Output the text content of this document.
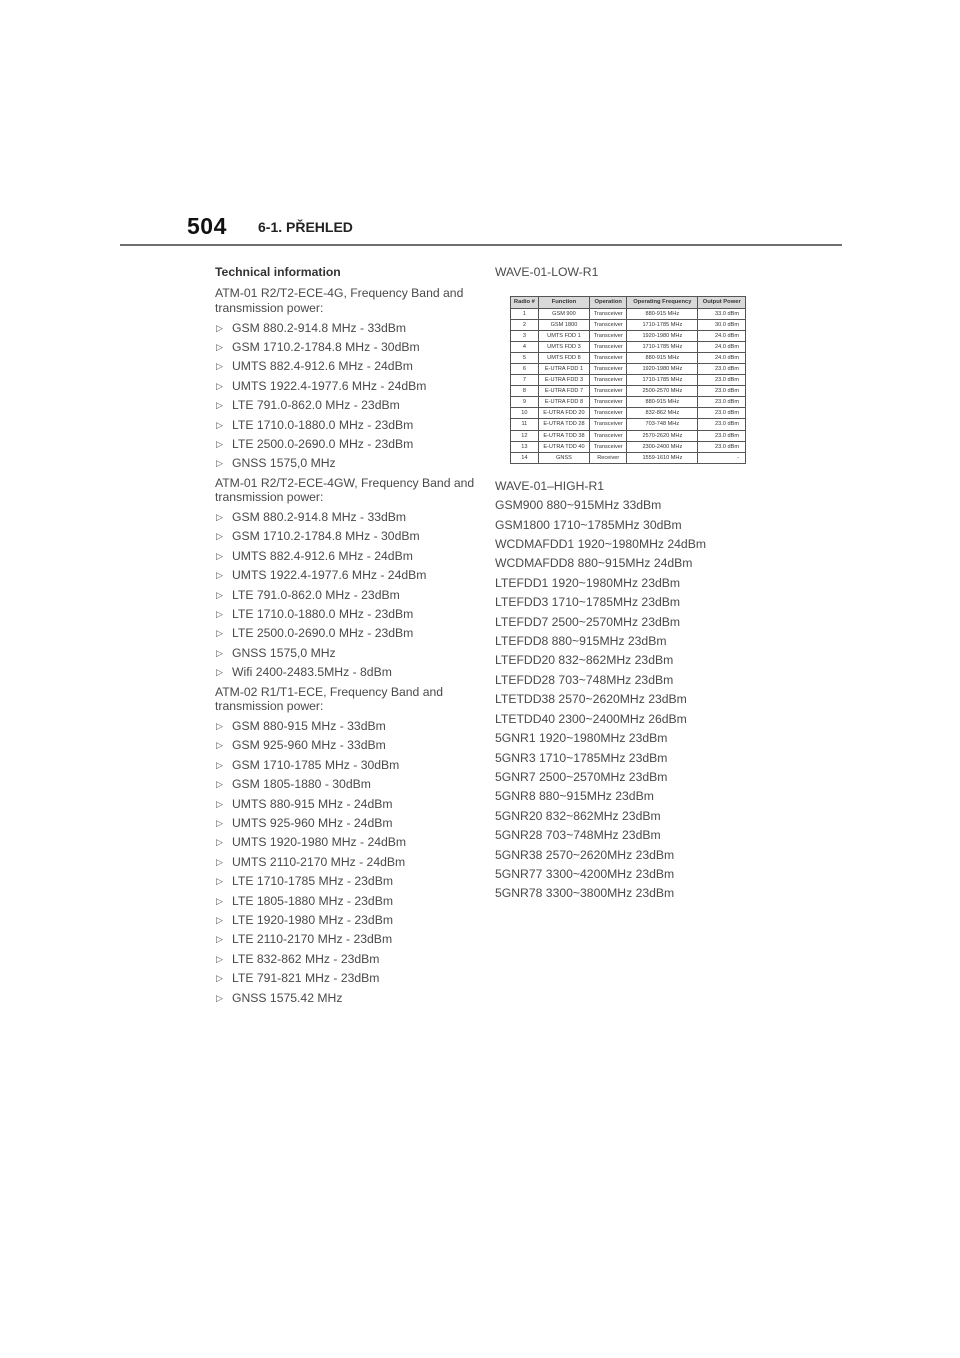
504 6-1. PŘEHLED
Technical information
ATM-01 R2/T2-ECE-4G, Frequency Band and transmission power:
▷ GSM 880.2-914.8 MHz - 33dBm
▷ GSM 1710.2-1784.8 MHz - 30dBm
▷ UMTS 882.4-912.6 MHz - 24dBm
▷ UMTS 1922.4-1977.6 MHz - 24dBm
▷ LTE 791.0-862.0 MHz - 23dBm
▷ LTE 1710.0-1880.0 MHz - 23dBm
▷ LTE 2500.0-2690.0 MHz - 23dBm
▷ GNSS 1575,0 MHz
ATM-01 R2/T2-ECE-4GW, Frequency Band and transmission power:
▷ GSM 880.2-914.8 MHz - 33dBm
▷ GSM 1710.2-1784.8 MHz - 30dBm
▷ UMTS 882.4-912.6 MHz - 24dBm
▷ UMTS 1922.4-1977.6 MHz - 24dBm
▷ LTE 791.0-862.0 MHz - 23dBm
▷ LTE 1710.0-1880.0 MHz - 23dBm
▷ LTE 2500.0-2690.0 MHz - 23dBm
▷ GNSS 1575,0 MHz
▷ Wifi 2400-2483.5MHz - 8dBm
ATM-02 R1/T1-ECE, Frequency Band and transmission power:
▷ GSM 880-915 MHz - 33dBm
▷ GSM 925-960 MHz - 33dBm
▷ GSM 1710-1785 MHz - 30dBm
▷ GSM 1805-1880 - 30dBm
▷ UMTS 880-915 MHz - 24dBm
▷ UMTS 925-960 MHz - 24dBm
▷ UMTS 1920-1980 MHz - 24dBm
▷ UMTS 2110-2170 MHz - 24dBm
▷ LTE 1710-1785 MHz - 23dBm
▷ LTE 1805-1880 MHz - 23dBm
▷ LTE 1920-1980 MHz - 23dBm
▷ LTE 2110-2170 MHz - 23dBm
▷ LTE 832-862 MHz - 23dBm
▷ LTE 791-821 MHz - 23dBm
▷ GNSS 1575.42 MHz
WAVE-01-LOW-R1
Radio #	Function	Operation	Operating Frequency	Output Power
1	GSM 900	Transceiver	880-915 MHz	33.0 dBm
2	GSM 1800	Transceiver	1710-1785 MHz	30.0 dBm
3	UMTS FDD 1	Transceiver	1920-1980 MHz	24.0 dBm
4	UMTS FDD 3	Transceiver	1710-1785 MHz	24.0 dBm
5	UMTS FDD 8	Transceiver	880-915 MHz	24.0 dBm
6	E-UTRA FDD 1	Transceiver	1920-1980 MHz	23.0 dBm
7	E-UTRA FDD 3	Transceiver	1710-1785 MHz	23.0 dBm
8	E-UTRA FDD 7	Transceiver	2500-2570 MHz	23.0 dBm
9	E-UTRA FDD 8	Transceiver	880-915 MHz	23.0 dBm
10	E-UTRA FDD 20	Transceiver	832-862 MHz	23.0 dBm
11	E-UTRA TDD 28	Transceiver	703-748 MHz	23.0 dBm
12	E-UTRA TDD 38	Transceiver	2570-2620 MHz	23.0 dBm
13	E-UTRA TDD 40	Transceiver	2300-2400 MHz	23.0 dBm
14	GNSS	Receiver	1559-1610 MHz	-
WAVE-01–HIGH-R1
GSM900 880~915MHz 33dBm
GSM1800 1710~1785MHz 30dBm
WCDMAFDD1 1920~1980MHz 24dBm
WCDMAFDD8 880~915MHz 24dBm
LTEFDD1 1920~1980MHz 23dBm
LTEFDD3 1710~1785MHz 23dBm
LTEFDD7 2500~2570MHz 23dBm
LTEFDD8 880~915MHz 23dBm
LTEFDD20 832~862MHz 23dBm
LTEFDD28 703~748MHz 23dBm
LTETDD38 2570~2620MHz 23dBm
LTETDD40 2300~2400MHz 26dBm
5GNR1 1920~1980MHz 23dBm
5GNR3 1710~1785MHz 23dBm
5GNR7 2500~2570MHz 23dBm
5GNR8 880~915MHz 23dBm
5GNR20 832~862MHz 23dBm
5GNR28 703~748MHz 23dBm
5GNR38 2570~2620MHz 23dBm
5GNR77 3300~4200MHz 23dBm
5GNR78 3300~3800MHz 23dBm
